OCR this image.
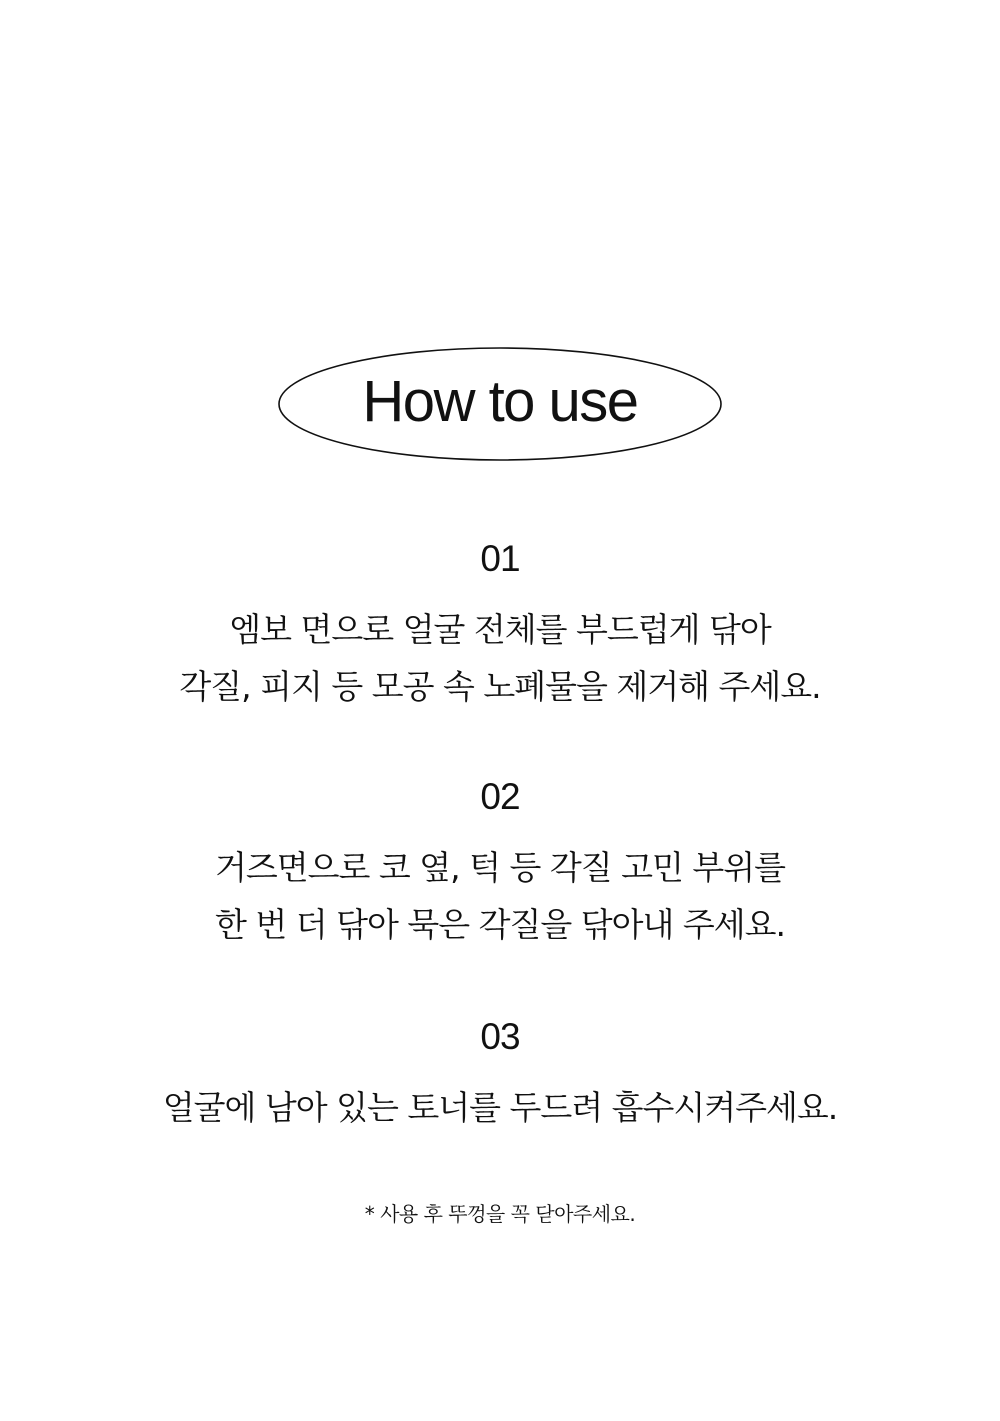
How to use
01
엠보 면으로 얼굴 전체를 부드럽게 닦아
각질, 피지 등 모공 속 노폐물을 제거해 주세요.
02
거즈면으로 코 옆, 턱 등 각질 고민 부위를
한 번 더 닦아 묵은 각질을 닦아내 주세요.
03
얼굴에 남아 있는 토너를 두드려 흡수시켜주세요.
* 사용 후 뚜껑을 꼭 닫아주세요.
